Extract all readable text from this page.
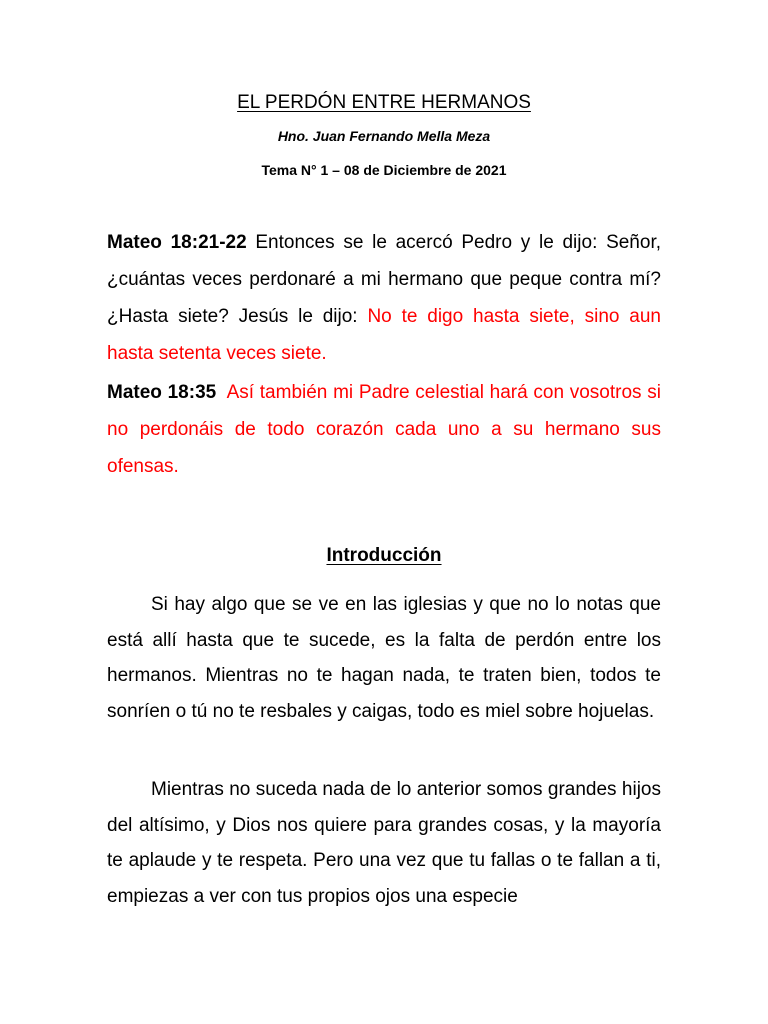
EL PERDÓN ENTRE HERMANOS
Hno. Juan Fernando Mella Meza
Tema N° 1 – 08 de Diciembre de 2021

Mateo 18:21-22 Entonces se le acercó Pedro y le dijo: Señor, ¿cuántas veces perdonaré a mi hermano que peque contra mí? ¿Hasta siete? Jesús le dijo: No te digo hasta siete, sino aun hasta setenta veces siete.

Mateo 18:35 Así también mi Padre celestial hará con vosotros si no perdonáis de todo corazón cada uno a su hermano sus ofensas.

Introducción

Si hay algo que se ve en las iglesias y que no lo notas que está allí hasta que te sucede, es la falta de perdón entre los hermanos. Mientras no te hagan nada, te traten bien, todos te sonríen o tú no te resbales y caigas, todo es miel sobre hojuelas.

Mientras no suceda nada de lo anterior somos grandes hijos del altísimo, y Dios nos quiere para grandes cosas, y la mayoría te aplaude y te respeta. Pero una vez que tu fallas o te fallan a ti, empiezas a ver con tus propios ojos una especie
